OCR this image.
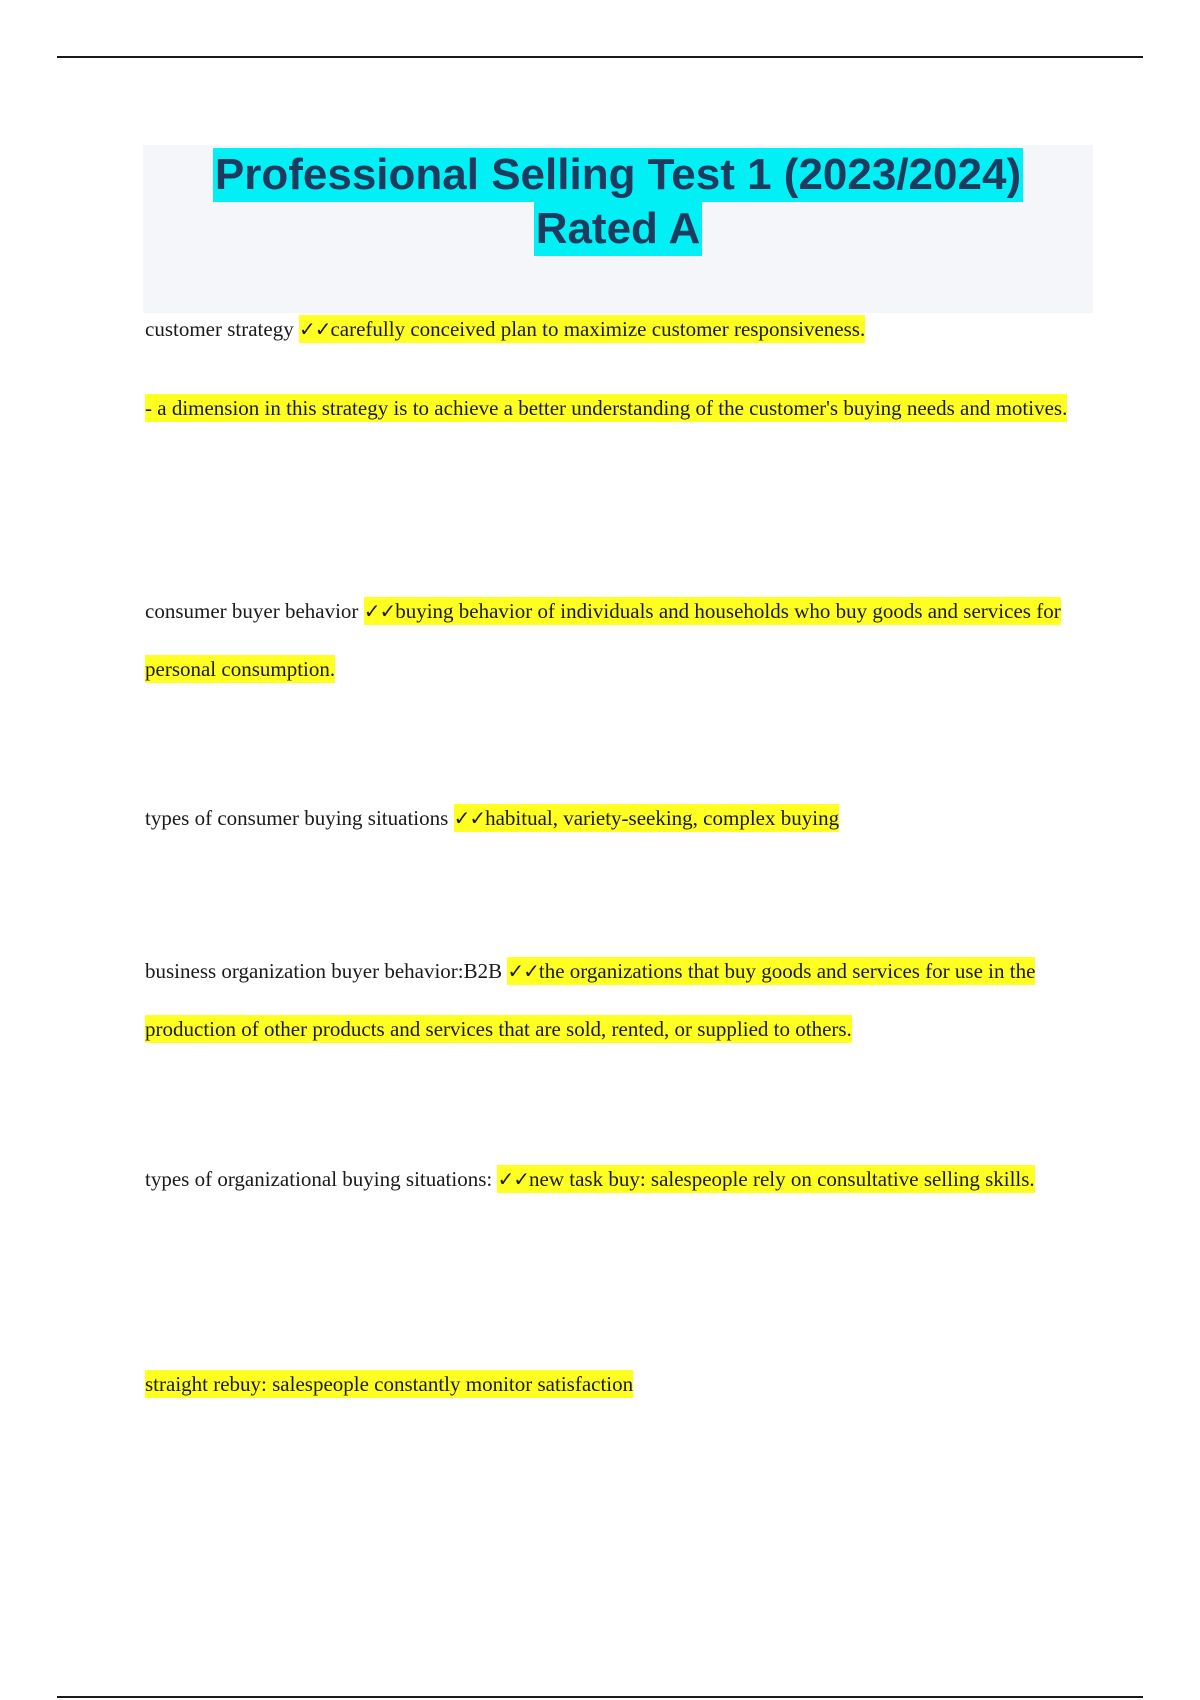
Professional Selling Test 1 (2023/2024)
Rated A
customer strategy ✓✓carefully conceived plan to maximize customer responsiveness.
- a dimension in this strategy is to achieve a better understanding of the customer's buying needs and motives.
consumer buyer behavior ✓✓buying behavior of individuals and households who buy goods and services for personal consumption.
types of consumer buying situations ✓✓habitual, variety-seeking, complex buying
business organization buyer behavior:B2B ✓✓the organizations that buy goods and services for use in the production of other products and services that are sold, rented, or supplied to others.
types of organizational buying situations: ✓✓new task buy: salespeople rely on consultative selling skills.
straight rebuy: salespeople constantly monitor satisfaction
